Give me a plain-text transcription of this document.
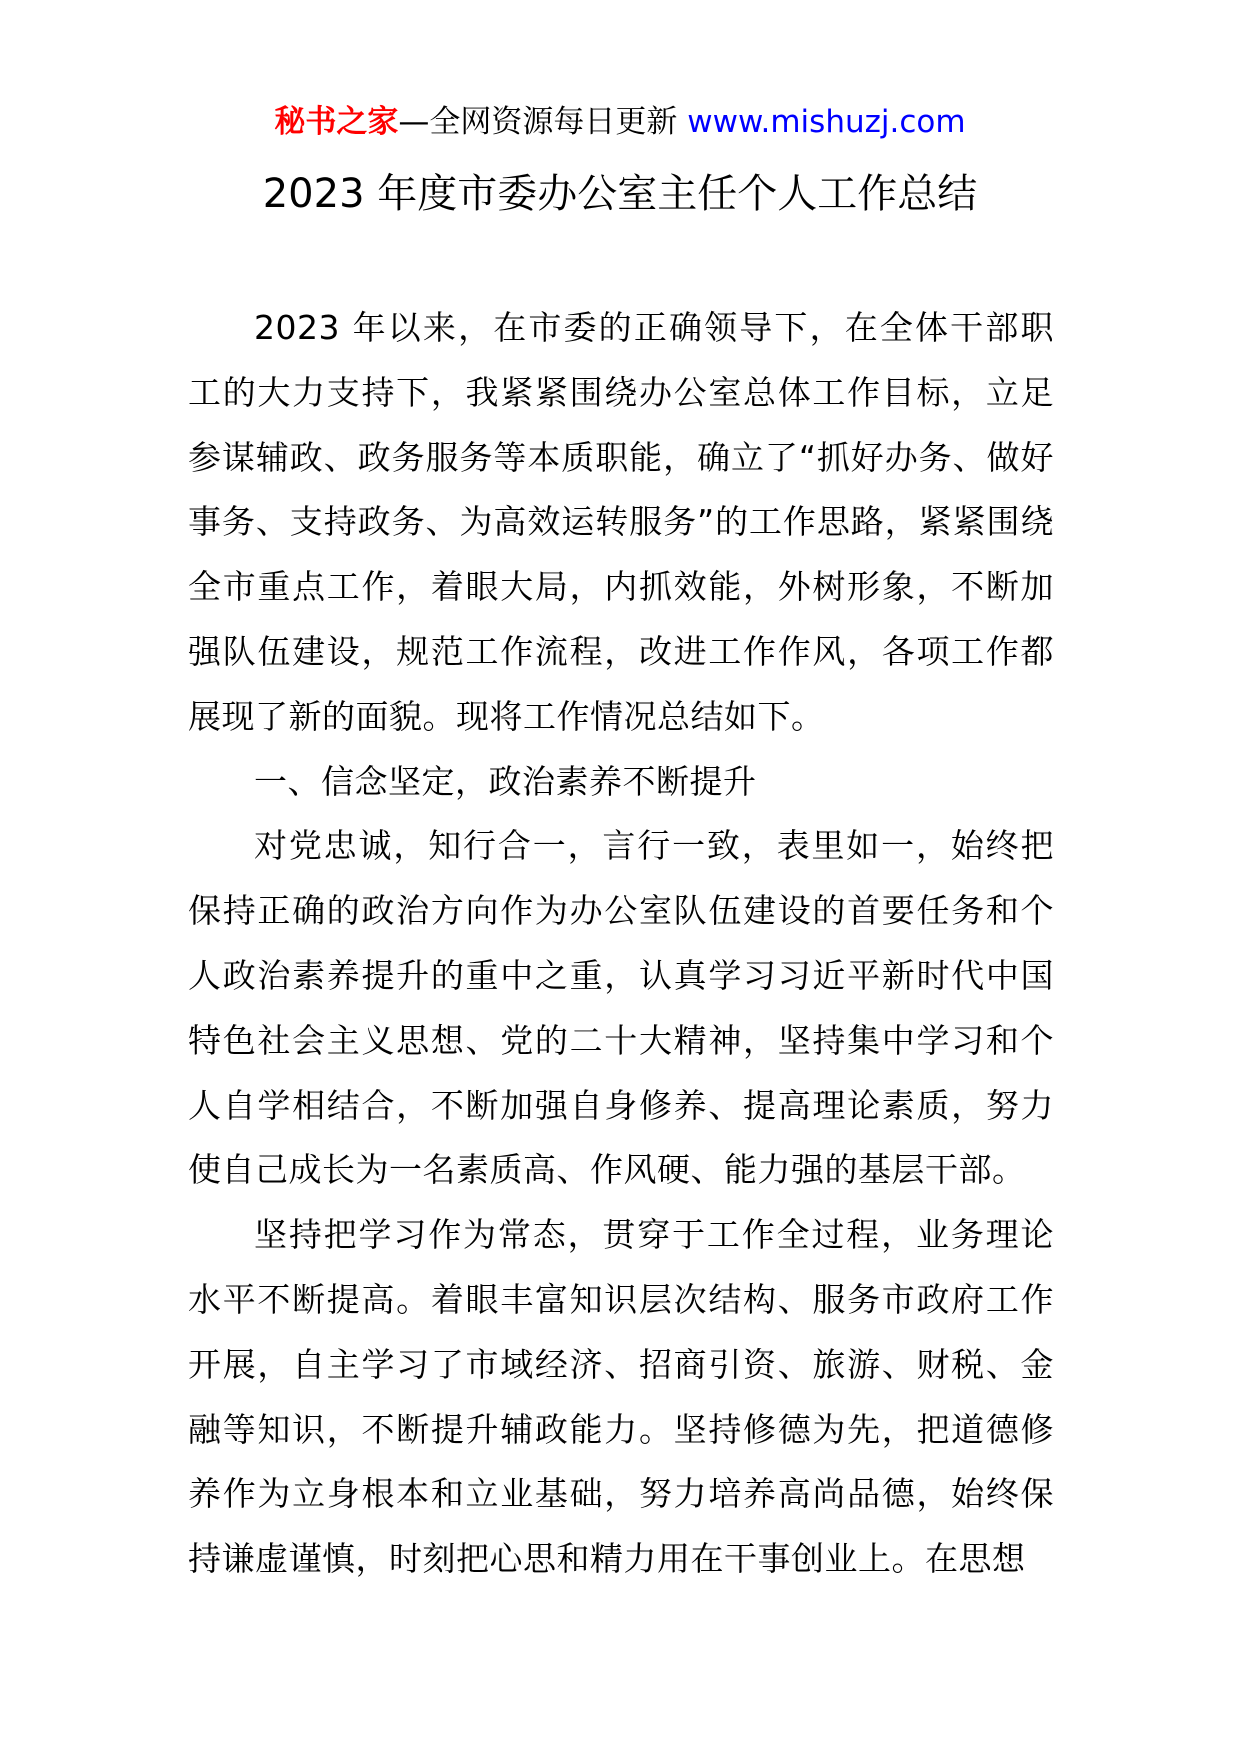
秘书之家—全网资源每日更新 www.mishuzj.com
2023 年度市委办公室主任个人工作总结

2023 年以来，在市委的正确领导下，在全体干部职工的大力支持下，我紧紧围绕办公室总体工作目标，立足参谋辅政、政务服务等本质职能，确立了“抓好办务、做好事务、支持政务、为高效运转服务”的工作思路，紧紧围绕全市重点工作，着眼大局，内抓效能，外树形象，不断加强队伍建设，规范工作流程，改进工作作风，各项工作都展现了新的面貌。现将工作情况总结如下。

一、信念坚定，政治素养不断提升

对党忠诚，知行合一，言行一致，表里如一，始终把保持正确的政治方向作为办公室队伍建设的首要任务和个人政治素养提升的重中之重，认真学习习近平新时代中国特色社会主义思想、党的二十大精神，坚持集中学习和个人自学相结合，不断加强自身修养、提高理论素质，努力使自己成长为一名素质高、作风硬、能力强的基层干部。

坚持把学习作为常态，贯穿于工作全过程，业务理论水平不断提高。着眼丰富知识层次结构、服务市政府工作开展，自主学习了市域经济、招商引资、旅游、财税、金融等知识，不断提升辅政能力。坚持修德为先，把道德修养作为立身根本和立业基础，努力培养高尚品德，始终保持谦虚谨慎，时刻把心思和精力用在干事创业上。在思想
